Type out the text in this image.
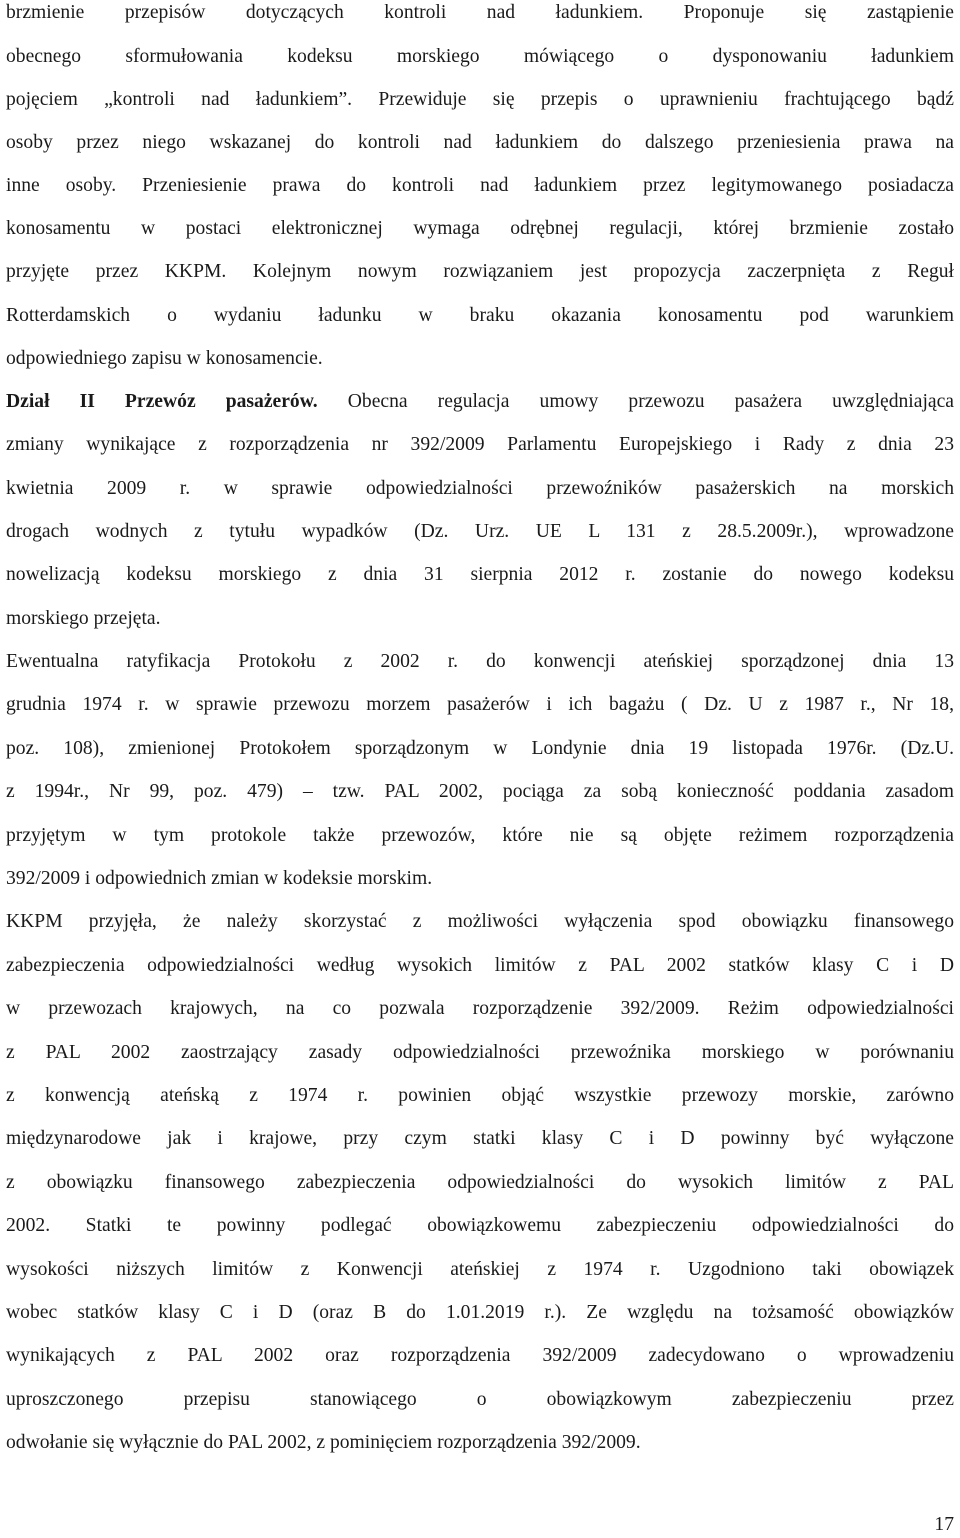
brzmienie przepisów dotyczących kontroli nad ładunkiem. Proponuje się zastąpienie
obecnego sformułowania kodeksu morskiego mówiącego o dysponowaniu ładunkiem
pojęciem „kontroli nad ładunkiem”. Przewiduje się przepis o uprawnieniu frachtującego bądź
osoby przez niego wskazanej do kontroli nad ładunkiem do dalszego przeniesienia prawa na
inne osoby. Przeniesienie prawa do kontroli nad ładunkiem przez legitymowanego posiadacza
konosamentu w postaci elektronicznej wymaga odrębnej regulacji, której brzmienie zostało
przyjęte przez KKPM. Kolejnym nowym rozwiązaniem jest propozycja zaczerpnięta z Reguł
Rotterdamskich o wydaniu ładunku w braku okazania konosamentu pod warunkiem
odpowiedniego zapisu w konosamencie.
Dział II Przewóz pasażerów. Obecna regulacja umowy przewozu pasażera uwzględniająca
zmiany wynikające z rozporządzenia nr 392/2009 Parlamentu Europejskiego i Rady z dnia 23
kwietnia 2009 r. w sprawie odpowiedzialności przewoźników pasażerskich na morskich
drogach wodnych z tytułu wypadków (Dz. Urz. UE L 131 z 28.5.2009r.), wprowadzone
nowelizacją kodeksu morskiego z dnia 31 sierpnia 2012 r. zostanie do nowego kodeksu
morskiego przejęta.
Ewentualna ratyfikacja Protokołu z 2002 r. do konwencji ateńskiej sporządzonej dnia 13
grudnia 1974 r. w sprawie przewozu morzem pasażerów i ich bagażu ( Dz. U z 1987 r., Nr 18,
poz. 108), zmienionej Protokołem sporządzonym w Londynie dnia 19 listopada 1976r. (Dz.U.
z 1994r., Nr 99, poz. 479) – tzw. PAL 2002, pociąga za sobą konieczność poddania zasadom
przyjętym w tym protokole także przewozów, które nie są objęte reżimem rozporządzenia
392/2009 i odpowiednich zmian w kodeksie morskim.
KKPM przyjęła, że należy skorzystać z możliwości wyłączenia spod obowiązku finansowego
zabezpieczenia odpowiedzialności według wysokich limitów z PAL 2002 statków klasy C i D
w przewozach krajowych, na co pozwala rozporządzenie 392/2009. Reżim odpowiedzialności
z PAL 2002 zaostrzający zasady odpowiedzialności przewoźnika morskiego w porównaniu
z konwencją ateńską z 1974 r. powinien objąć wszystkie przewozy morskie, zarówno
międzynarodowe jak i krajowe, przy czym statki klasy C i D powinny być wyłączone
z obowiązku finansowego zabezpieczenia odpowiedzialności do wysokich limitów z PAL
2002. Statki te powinny podlegać obowiązkowemu zabezpieczeniu odpowiedzialności do
wysokości niższych limitów z Konwencji ateńskiej z 1974 r. Uzgodniono taki obowiązek
wobec statków klasy C i D (oraz B do 1.01.2019 r.). Ze względu na tożsamość obowiązków
wynikających z PAL 2002 oraz rozporządzenia 392/2009 zadecydowano o wprowadzeniu
uproszczonego przepisu stanowiącego o obowiązkowym zabezpieczeniu przez
odwołanie się wyłącznie do PAL 2002, z pominięciem rozporządzenia 392/2009.
17
